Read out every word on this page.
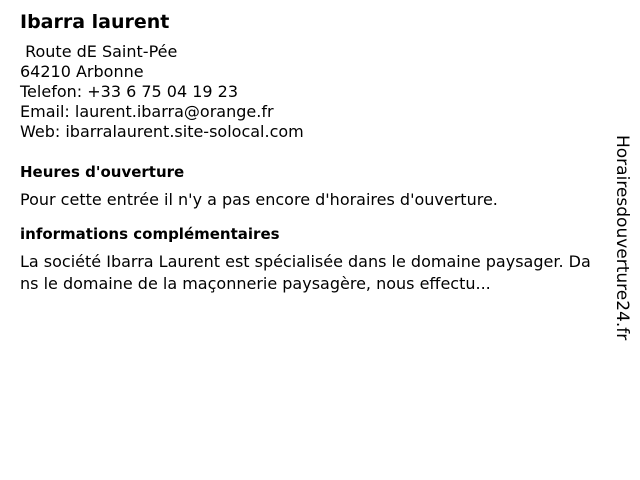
Ibarra laurent
Route dE Saint-Pée
64210 Arbonne
Telefon: +33 6 75 04 19 23
Email: laurent.ibarra@orange.fr
Web: ibarralaurent.site-solocal.com
Heures d'ouverture
Pour cette entrée il n'y a pas encore d'horaires d'ouverture.
informations complémentaires
La société Ibarra Laurent est spécialisée dans le domaine paysager. Dans le domaine de la maçonnerie paysagère, nous effectu...	Horairesdouverture24.fr
